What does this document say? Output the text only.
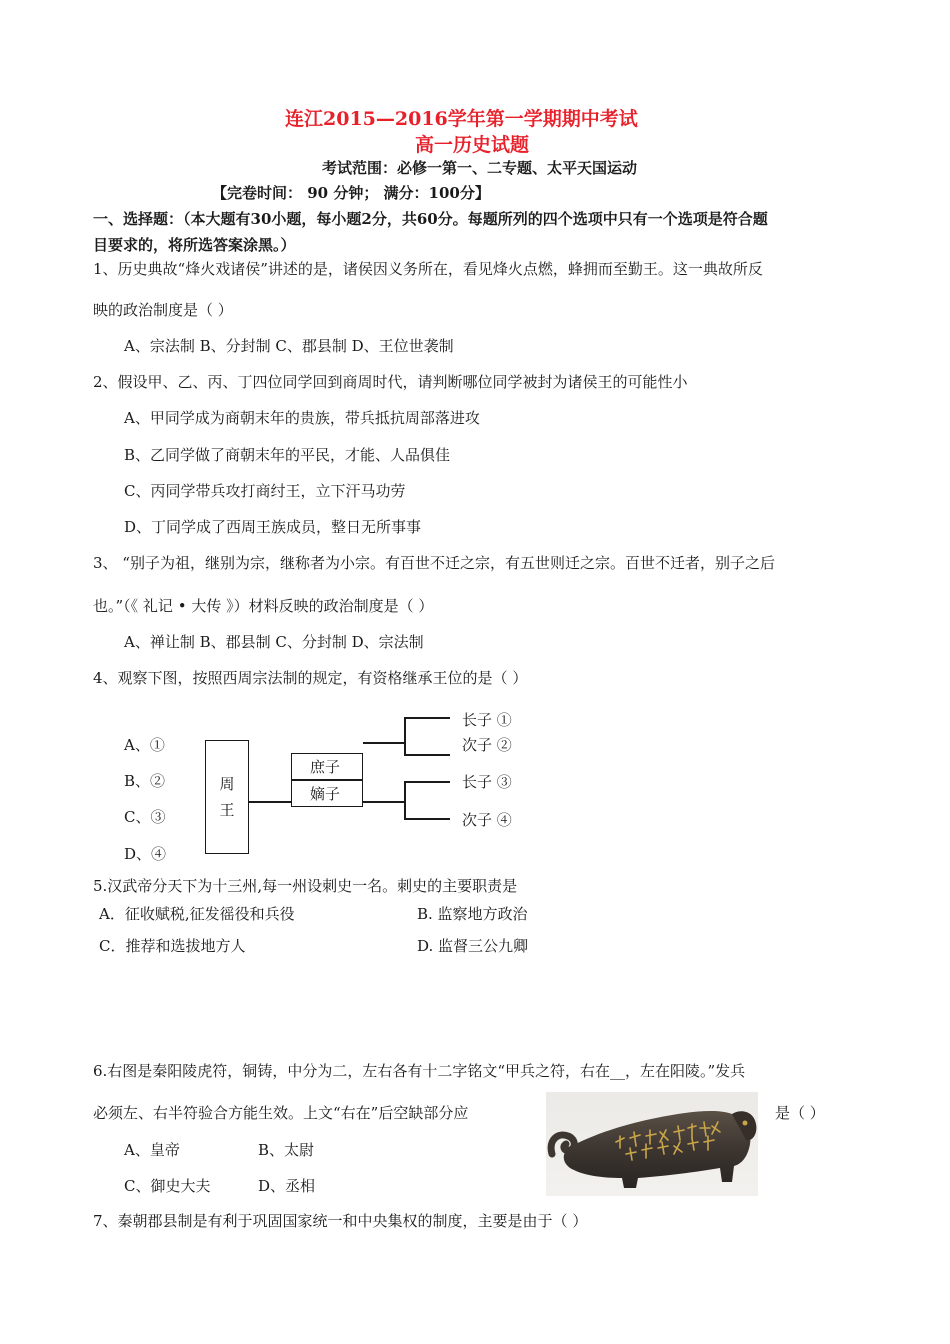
连江2015—2016学年第一学期期中考试
高一历史试题
考试范围：必修一第一、二专题、太平天国运动
【完卷时间： 90 分钟； 满分：100分】
一、选择题：（本大题有30小题，每小题2分，共60分。每题所列的四个选项中只有一个选项是符合题
目要求的，将所选答案涂黑。）
1、历史典故“烽火戏诸侯”讲述的是，诸侯因义务所在，看见烽火点燃，蜂拥而至勤王。这一典故所反
映的政治制度是（ ）
A、宗法制 B、分封制 C、郡县制 D、王位世袭制
2、假设甲、乙、丙、丁四位同学回到商周时代，请判断哪位同学被封为诸侯王的可能性小
A、甲同学成为商朝末年的贵族，带兵抵抗周部落进攻
B、乙同学做了商朝末年的平民，才能、人品俱佳
C、丙同学带兵攻打商纣王，立下汗马功劳
D、丁同学成了西周王族成员，整日无所事事
3、 “别子为祖，继别为宗，继称者为小宗。有百世不迁之宗，有五世则迁之宗。百世不迁者，别子之后
也。”（《 礼记 • 大传 》）材料反映的政治制度是（ ）
A、禅让制 B、郡县制 C、分封制 D、宗法制
4、观察下图，按照西周宗法制的规定，有资格继承王位的是（ ）
A、①
B、②
C、③
D、④
周
王
庶子
嫡子
长子 ①
次子 ②
长子 ③
次子 ④
5.汉武帝分天下为十三州,每一州设刺史一名。刺史的主要职责是
A．征收赋税,征发徭役和兵役	B. 监察地方政治
C．推荐和选拔地方人	D. 监督三公九卿
6.右图是秦阳陵虎符，铜铸，中分为二，左右各有十二字铭文“甲兵之符，右在__，左在阳陵。”发兵
必须左、右半符验合方能生效。上文“右在”后空缺部分应	是（ ）
A、皇帝	B、太尉
C、御史大夫	D、丞相
7、秦朝郡县制是有利于巩固国家统一和中央集权的制度，主要是由于（ ）
